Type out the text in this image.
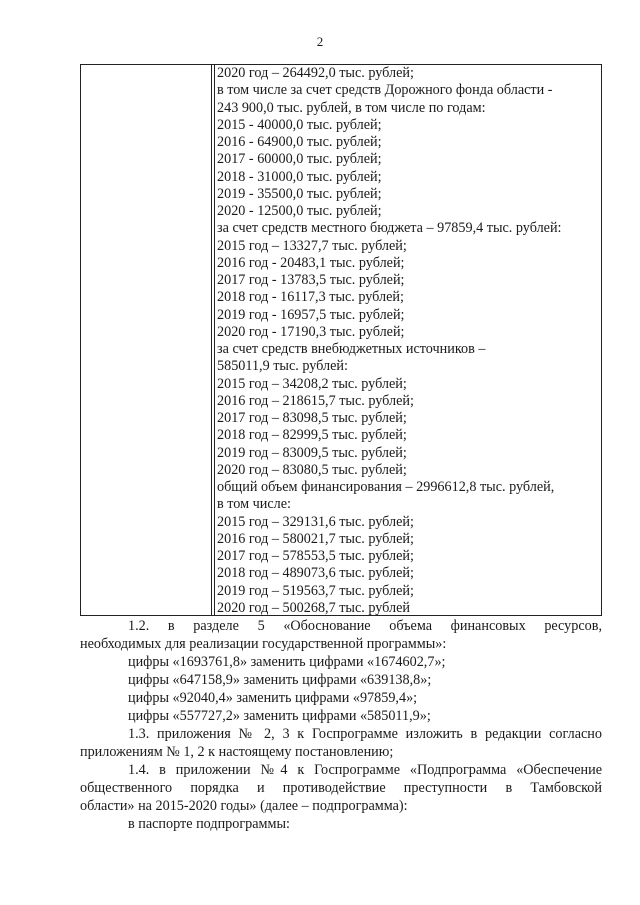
2
2020 год – 264492,0 тыс. рублей;
в том числе за счет средств Дорожного фонда области -
243 900,0 тыс. рублей, в том числе по годам:
2015 - 40000,0 тыс. рублей;
2016 - 64900,0 тыс. рублей;
2017 - 60000,0 тыс. рублей;
2018 - 31000,0 тыс. рублей;
2019 - 35500,0 тыс. рублей;
2020 - 12500,0 тыс. рублей;
за счет средств местного бюджета – 97859,4 тыс. рублей:
2015 год – 13327,7 тыс. рублей;
2016 год - 20483,1 тыс. рублей;
2017 год - 13783,5 тыс. рублей;
2018 год - 16117,3 тыс. рублей;
2019 год - 16957,5 тыс. рублей;
2020 год - 17190,3 тыс. рублей;
за счет средств внебюджетных источников –
585011,9 тыс. рублей:
2015 год – 34208,2 тыс. рублей;
2016 год – 218615,7 тыс. рублей;
2017 год – 83098,5 тыс. рублей;
2018 год – 82999,5 тыс. рублей;
2019 год – 83009,5 тыс. рублей;
2020 год – 83080,5 тыс. рублей;
общий объем финансирования – 2996612,8 тыс. рублей,
в том числе:
2015 год – 329131,6 тыс. рублей;
2016 год – 580021,7 тыс. рублей;
2017 год – 578553,5 тыс. рублей;
2018 год – 489073,6 тыс. рублей;
2019 год – 519563,7 тыс. рублей;
2020 год – 500268,7 тыс. рублей

1.2. в разделе 5 «Обоснование объема финансовых ресурсов,

необходимых для реализации государственной программы»:

цифры «1693761,8» заменить цифрами «1674602,7»;

цифры «647158,9» заменить цифрами «639138,8»;

цифры «92040,4» заменить цифрами «97859,4»;

цифры «557727,2» заменить цифрами «585011,9»;

1.3. приложения № 2, 3 к Госпрограмме изложить в редакции согласно

приложениям № 1, 2 к настоящему постановлению;

1.4. в приложении №4 к Госпрограмме «Подпрограмма «Обеспечение

общественного порядка и противодействие преступности в Тамбовской

области» на 2015-2020 годы» (далее – подпрограмма):

в паспорте подпрограммы:
